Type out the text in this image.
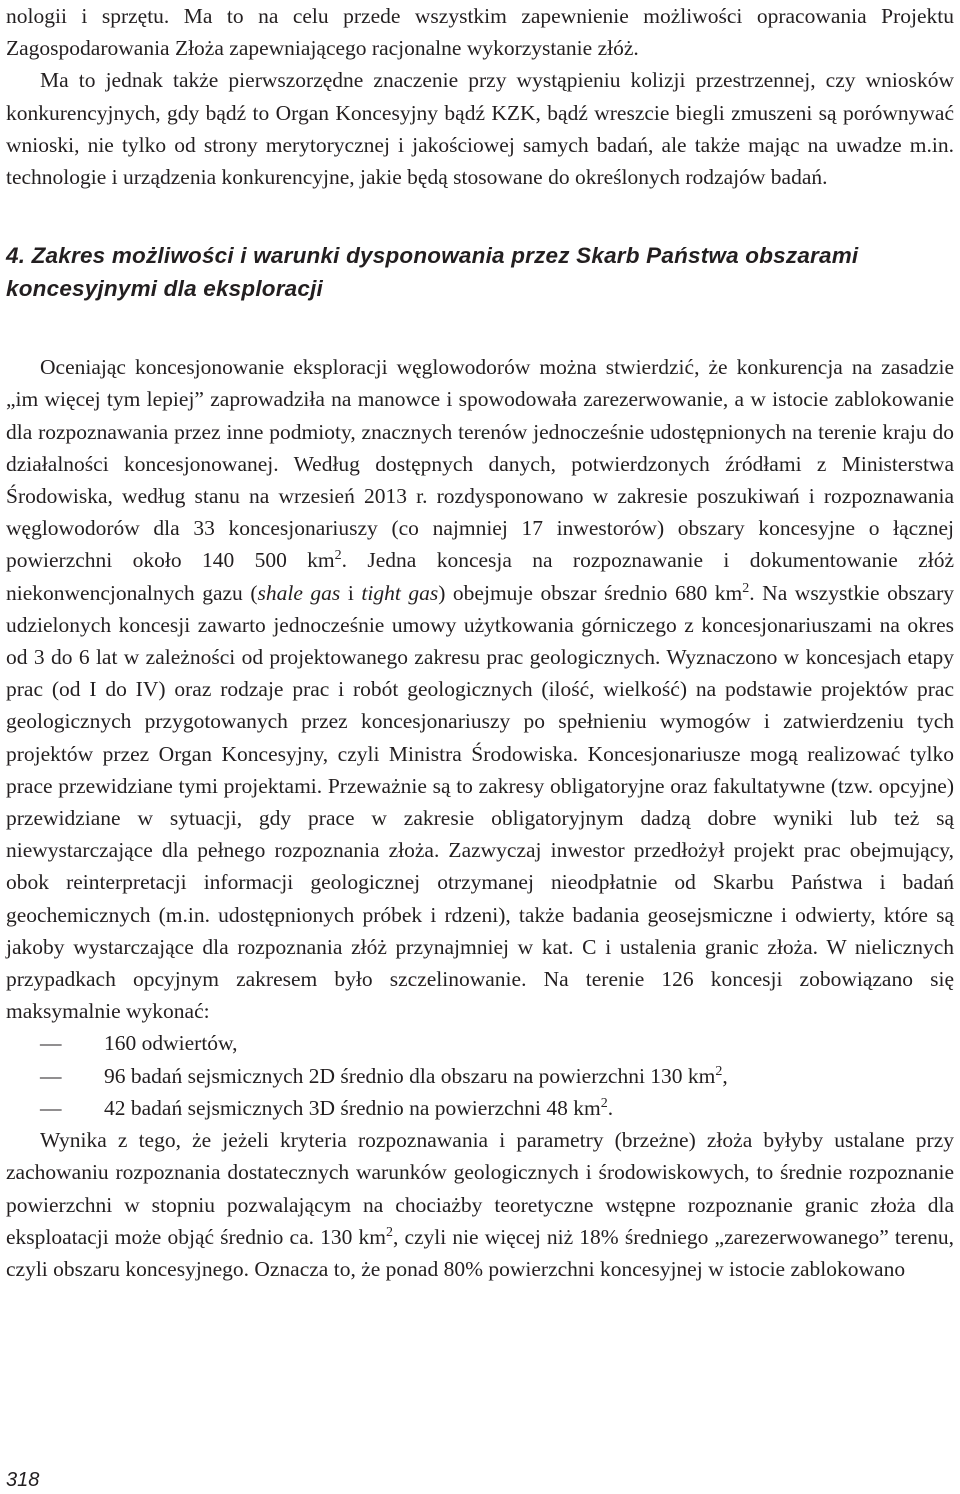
nologii i sprzętu. Ma to na celu przede wszystkim zapewnienie możliwości opracowania Projektu Zagospodarowania Złoża zapewniającego racjonalne wykorzystanie złóż.

Ma to jednak także pierwszorzędne znaczenie przy wystąpieniu kolizji przestrzennej, czy wniosków konkurencyjnych, gdy bądź to Organ Koncesyjny bądź KZK, bądź wreszcie biegli zmuszeni są porównywać wnioski, nie tylko od strony merytorycznej i jakościowej samych badań, ale także mając na uwadze m.in. technologie i urządzenia konkurencyjne, jakie będą stosowane do określonych rodzajów badań.

4. Zakres możliwości i warunki dysponowania przez Skarb Państwa obszarami koncesyjnymi dla eksploracji

Oceniając koncesjonowanie eksploracji węglowodorów można stwierdzić, że konkurencja na zasadzie „im więcej tym lepiej” zaprowadziła na manowce i spowodowała zarezerwowanie, a w istocie zablokowanie dla rozpoznawania przez inne podmioty, znacznych terenów jednocześnie udostępnionych na terenie kraju do działalności koncesjonowanej. Według dostępnych danych, potwierdzonych źródłami z Ministerstwa Środowiska, według stanu na wrzesień 2013 r. rozdysponowano w zakresie poszukiwań i rozpoznawania węglowodorów dla 33 koncesjonariuszy (co najmniej 17 inwestorów) obszary koncesyjne o łącznej powierzchni około 140 500 $km^2$. Jedna koncesja na rozpoznawanie i dokumentowanie złóż niekonwencjonalnych gazu (shale gas i tight gas) obejmuje obszar średnio 680 $km^2$. Na wszystkie obszary udzielonych koncesji zawarto jednocześnie umowy użytkowania górniczego z koncesjonariuszami na okres od 3 do 6 lat w zależności od projektowanego zakresu prac geologicznych. Wyznaczono w koncesjach etapy prac (od I do IV) oraz rodzaje prac i robót geologicznych (ilość, wielkość) na podstawie projektów prac geologicznych przygotowanych przez koncesjonariuszy po spełnieniu wymogów i zatwierdzeniu tych projektów przez Organ Koncesyjny, czyli Ministra Środowiska. Koncesjonariusze mogą realizować tylko prace przewidziane tymi projektami. Przeważnie są to zakresy obligatoryjne oraz fakultatywne (tzw. opcyjne) przewidziane w sytuacji, gdy prace w zakresie obligatoryjnym dadzą dobre wyniki lub też są niewystarczające dla pełnego rozpoznania złoża. Zazwyczaj inwestor przedłożył projekt prac obejmujący, obok reinterpretacji informacji geologicznej otrzymanej nieodpłatnie od Skarbu Państwa i badań geochemicznych (m.in. udostępnionych próbek i rdzeni), także badania geosejsmiczne i odwierty, które są jakoby wystarczające dla rozpoznania złóż przynajmniej w kat. C i ustalenia granic złoża. W nielicznych przypadkach opcyjnym zakresem było szczelinowanie. Na terenie 126 koncesji zobowiązano się maksymalnie wykonać:

— 160 odwiertów,
— 96 badań sejsmicznych 2D średnio dla obszaru na powierzchni 130 $km^2$,
— 42 badań sejsmicznych 3D średnio na powierzchni 48 $km^2$.

Wynika z tego, że jeżeli kryteria rozpoznawania i parametry (brzeżne) złoża byłyby ustalane przy zachowaniu rozpoznania dostatecznych warunków geologicznych i środowiskowych, to średnie rozpoznanie powierzchni w stopniu pozwalającym na chociażby teoretyczne wstępne rozpoznanie granic złoża dla eksploatacji może objąć średnio ca. 130 $km^2$, czyli nie więcej niż 18% średniego „zarezerwowanego” terenu, czyli obszaru koncesyjnego. Oznacza to, że ponad 80% powierzchni koncesyjnej w istocie zablokowano

318
